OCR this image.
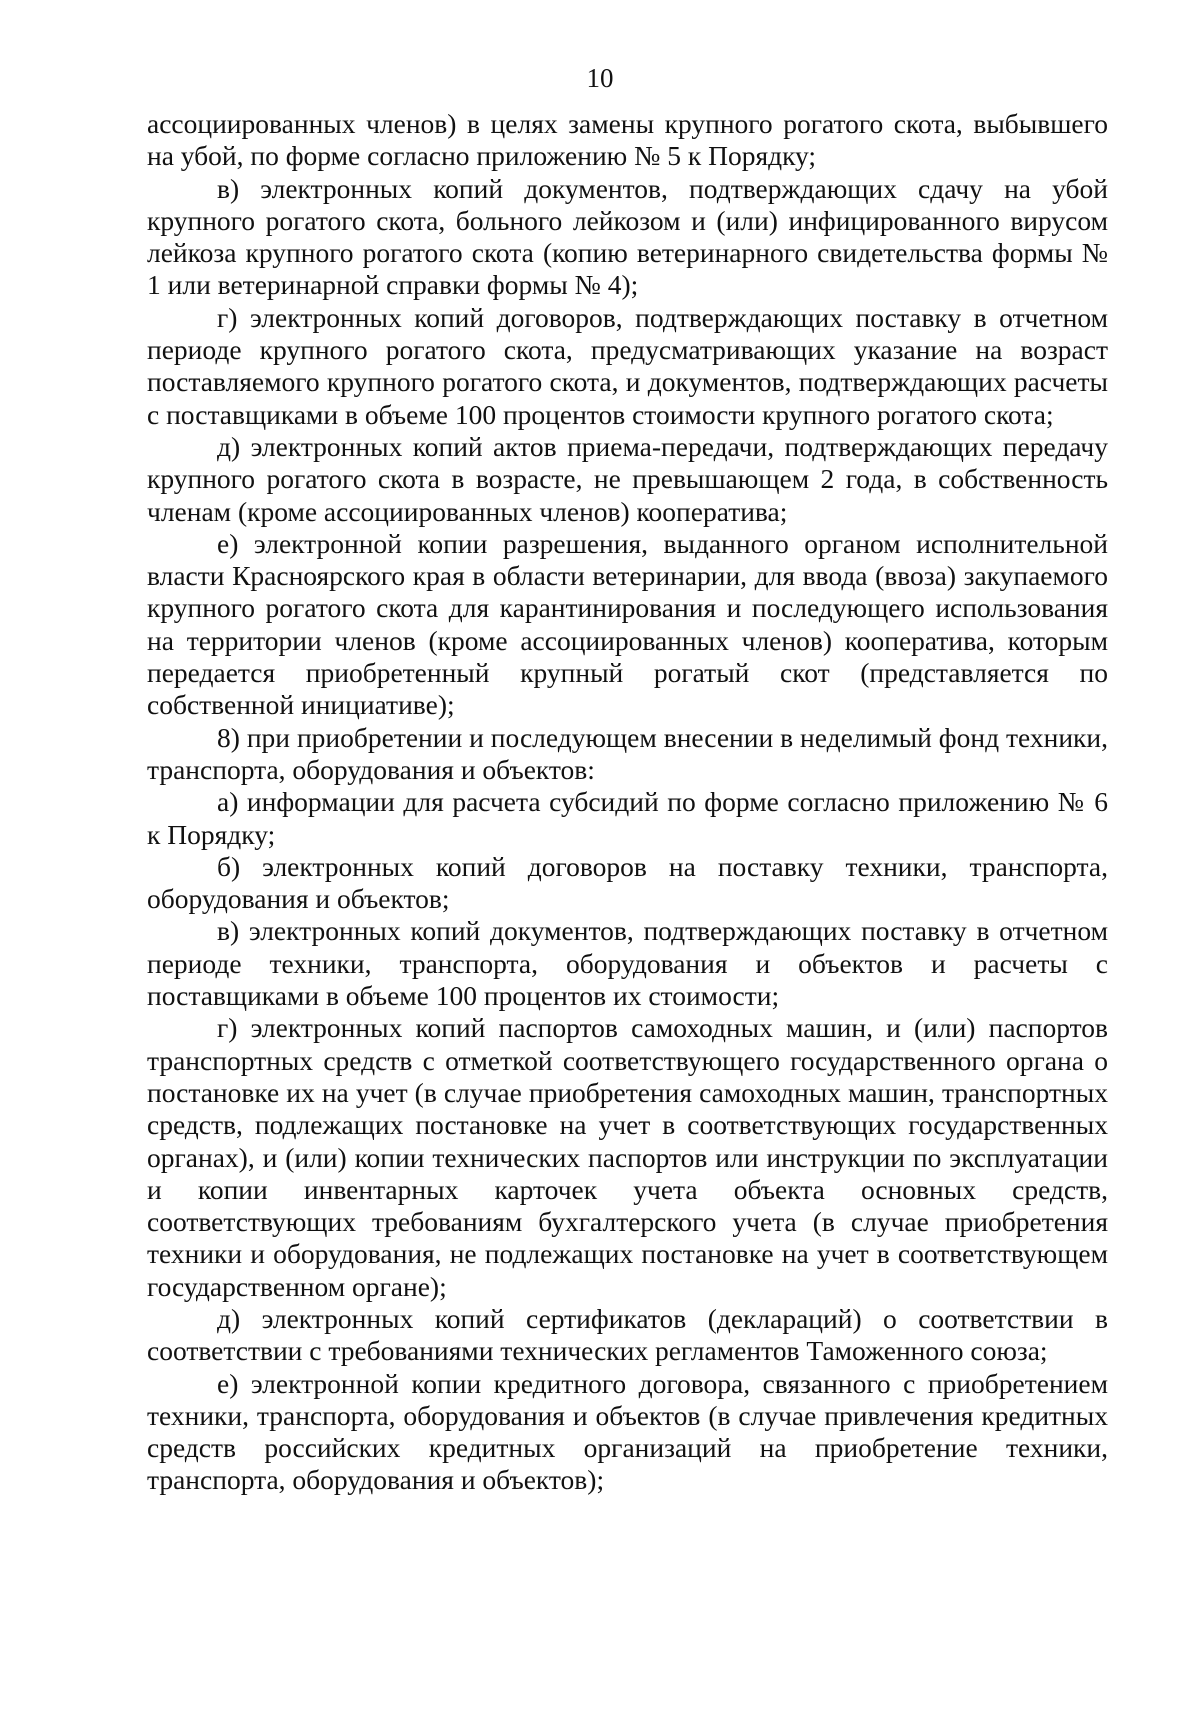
10

ассоциированных членов) в целях замены крупного рогатого скота, выбывшего на убой, по форме согласно приложению № 5 к Порядку;

в) электронных копий документов, подтверждающих сдачу на убой крупного рогатого скота, больного лейкозом и (или) инфицированного вирусом лейкоза крупного рогатого скота (копию ветеринарного свидетельства формы № 1 или ветеринарной справки формы № 4);

г) электронных копий договоров, подтверждающих поставку в отчетном периоде крупного рогатого скота, предусматривающих указание на возраст поставляемого крупного рогатого скота, и документов, подтверждающих расчеты с поставщиками в объеме 100 процентов стоимости крупного рогатого скота;

д) электронных копий актов приема-передачи, подтверждающих передачу крупного рогатого скота в возрасте, не превышающем 2 года, в собственность членам (кроме ассоциированных членов) кооператива;

е) электронной копии разрешения, выданного органом исполнительной власти Красноярского края в области ветеринарии, для ввода (ввоза) закупаемого крупного рогатого скота для карантинирования и последующего использования на территории членов (кроме ассоциированных членов) кооператива, которым передается приобретенный крупный рогатый скот (представляется по собственной инициативе);

8) при приобретении и последующем внесении в неделимый фонд техники, транспорта, оборудования и объектов:

а) информации для расчета субсидий по форме согласно приложению № 6 к Порядку;

б) электронных копий договоров на поставку техники, транспорта, оборудования и объектов;

в) электронных копий документов, подтверждающих поставку в отчетном периоде техники, транспорта, оборудования и объектов и расчеты с поставщиками в объеме 100 процентов их стоимости;

г) электронных копий паспортов самоходных машин, и (или) паспортов транспортных средств с отметкой соответствующего государственного органа о постановке их на учет (в случае приобретения самоходных машин, транспортных средств, подлежащих постановке на учет в соответствующих государственных органах), и (или) копии технических паспортов или инструкции по эксплуатации и копии инвентарных карточек учета объекта основных средств, соответствующих требованиям бухгалтерского учета (в случае приобретения техники и оборудования, не подлежащих постановке на учет в соответствующем государственном органе);

д) электронных копий сертификатов (деклараций) о соответствии в соответствии с требованиями технических регламентов Таможенного союза;

е) электронной копии кредитного договора, связанного с приобретением техники, транспорта, оборудования и объектов (в случае привлечения кредитных средств российских кредитных организаций на приобретение техники, транспорта, оборудования и объектов);
